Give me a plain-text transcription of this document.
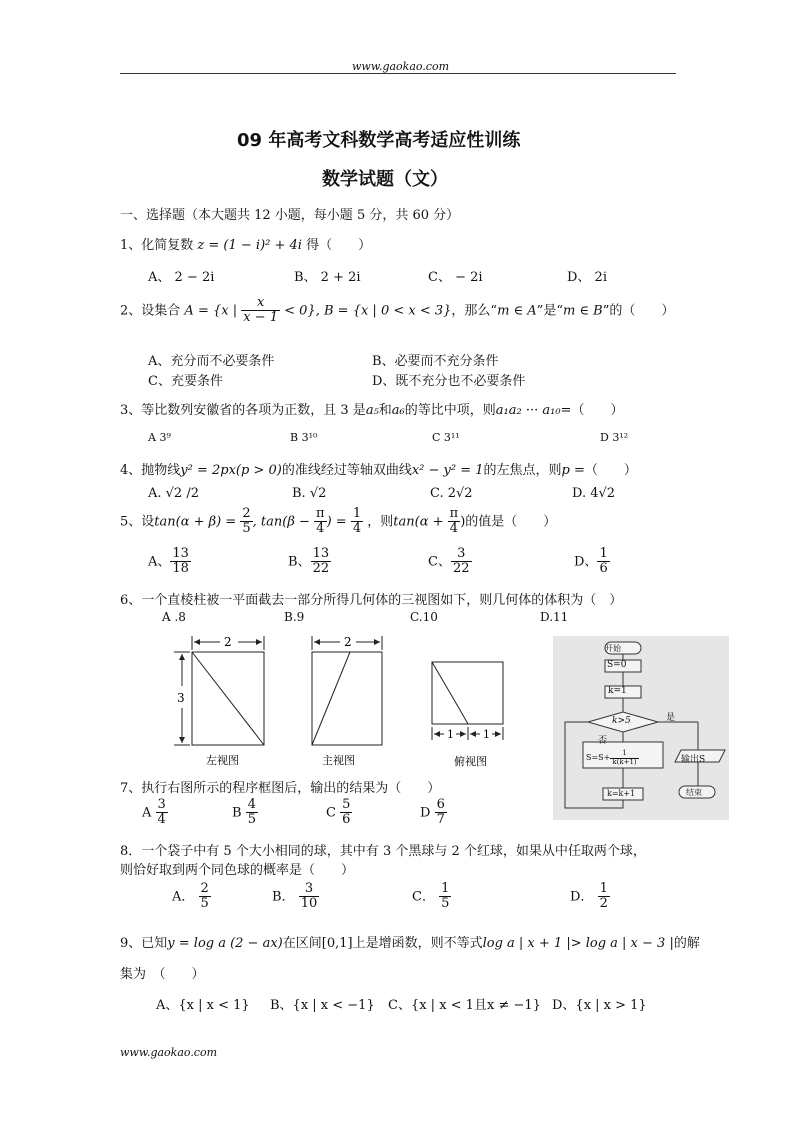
www.gaokao.com
09 年高考文科数学高考适应性训练
数学试题（文）
一、选择题（本大题共 12 小题，每小题 5 分，共 60 分）
1、化简复数 z = (1 − i)² + 4i 得（　　）
A、 2 − 2i	B、 2 + 2i	C、 − 2i	D、 2i
2、设集合 A = {x | $\frac{x}{x - 1} < 0$}, B = {x | 0 < x < 3}，那么“m ∈ A”是“m ∈ B”的（　　）
A、充分而不必要条件	B、必要而不充分条件
C、充要条件	D、既不充分也不必要条件
3、等比数列安徽省的各项为正数，且 3 是a₅和a₆的等比中项，则a₁a₂ ··· a₁₀=（　　）
A 3⁹	B 3¹⁰	C 3¹¹	D 3¹²
4、抛物线y² = 2px(p > 0)的准线经过等轴双曲线x² − y² = 1的左焦点，则p =（　　）
A. √2 /2	B. √2	C. 2√2	D. 4√2
5、设$\tan(\alpha + \beta) = \frac{2}{5}$ , $\tan(\beta - \frac{\pi}{4}$ ) = $\frac{1}{4}$ ，则$\tan(\alpha + \frac{\pi}{4}$ )的值是（　　）
A、 $\frac{13}{18}$	B、 $\frac{13}{22}$	C、 $\frac{3}{22}$	D、 $\frac{1}{6}$
6、一个直棱柱被一平面截去一部分所得几何体的三视图如下，则几何体的体积为（　）
A .8	B.9	C.10	D.11
2	2
3
1	1
左视图	主视图	俯视图
开始
S=0
k=1
k>5	是
否
$S=S+ \frac{1}{k(k+1)}$	输出S
k=k+1	结束
7、执行右图所示的程序框图后，输出的结果为（　　）
A $\frac{3}{4}$	B $\frac{4}{5}$	C $\frac{5}{6}$	D $\frac{6}{7}$
8．一个袋子中有 5 个大小相同的球，其中有 3 个黑球与 2 个红球，如果从中任取两个球，
则恰好取到两个同色球的概率是（　　）
A． $\frac{2}{5}$	B． $\frac{3}{10}$	C． $\frac{1}{5}$	D． $\frac{1}{2}$
9、已知y = log a (2 − ax)在区间[0,1]上是增函数，则不等式log a | x + 1 |> log a | x − 3 |的解
集为　（　　）
A、{x | x < 1} B、{x | x < −1} C、{x | x < 1且x ≠ −1} D、{x | x > 1}
www.gaokao.com
